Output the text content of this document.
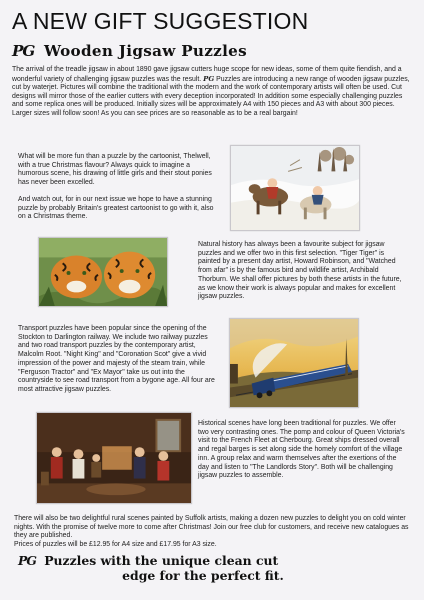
A NEW GIFT SUGGESTION
PG Wooden Jigsaw Puzzles
The arrival of the treadle jigsaw in about 1890 gave jigsaw cutters huge scope for new ideas, some of them quite fiendish, and a wonderful variety of challenging jigsaw puzzles was the result. PG Puzzles are introducing a new range of wooden jigsaw puzzles, cut by waterjet. Pictures will combine the traditional with the modern and the work of contemporary artists will often be used. Cut designs will mirror those of the earlier cutters with every deception incorporated! In addition some especially challenging puzzles and some replica ones will be produced. Initially sizes will be approximately A4 with 150 pieces and A3 with about 300 pieces. Larger sizes will follow soon! As you can see prices are so reasonable as to be a real bargain!

What will be more fun than a puzzle by the cartoonist, Thelwell, with a true Christmas flavour? Always quick to imagine a humorous scene, his drawing of little girls and their stout ponies has never been excelled.

And watch out, for in our next issue we hope to have a stunning puzzle by probably Britain's greatest cartoonist to go with it, also on a Christmas theme.

Natural history has always been a favourite subject for jigsaw puzzles and we offer two in this first selection. "Tiger Tiger" is painted by a present day artist, Howard Robinson, and "Watched from afar" is by the famous bird and wildlife artist, Archibald Thorburn. We shall offer pictures by both these artists in the future, as we know their work is always popular and makes for excellent jigsaw puzzles.

Transport puzzles have been popular since the opening of the Stockton to Darlington railway. We include two railway puzzles and two road transport puzzles by the contemporary artist, Malcolm Root. "Night King" and "Coronation Scot" give a vivid impression of the power and majesty of the steam train, while "Ferguson Tractor" and "Ex Mayor" take us out into the countryside to see road transport from a bygone age. All four are most attractive jigsaw puzzles.

Historical scenes have long been traditional for puzzles. We offer two very contrasting ones. The pomp and colour of Queen Victoria's visit to the French Fleet at Cherbourg. Great ships dressed overall and regal barges is set along side the homely comfort of the village inn. A group relax and warm themselves after the exertions of the day and listen to "The Landlords Story". Both will be challenging jigsaw puzzles to assemble.

There will also be two delightful rural scenes painted by Suffolk artists, making a dozen new puzzles to delight you on cold winter nights. With the promise of twelve more to come after Christmas! Join our free club for customers, and receive new catalogues as they are published.

Prices of puzzles will be £12.95 for A4 size and £17.95 for A3 size.

PG Puzzles with the unique clean cut
edge for the perfect fit.
